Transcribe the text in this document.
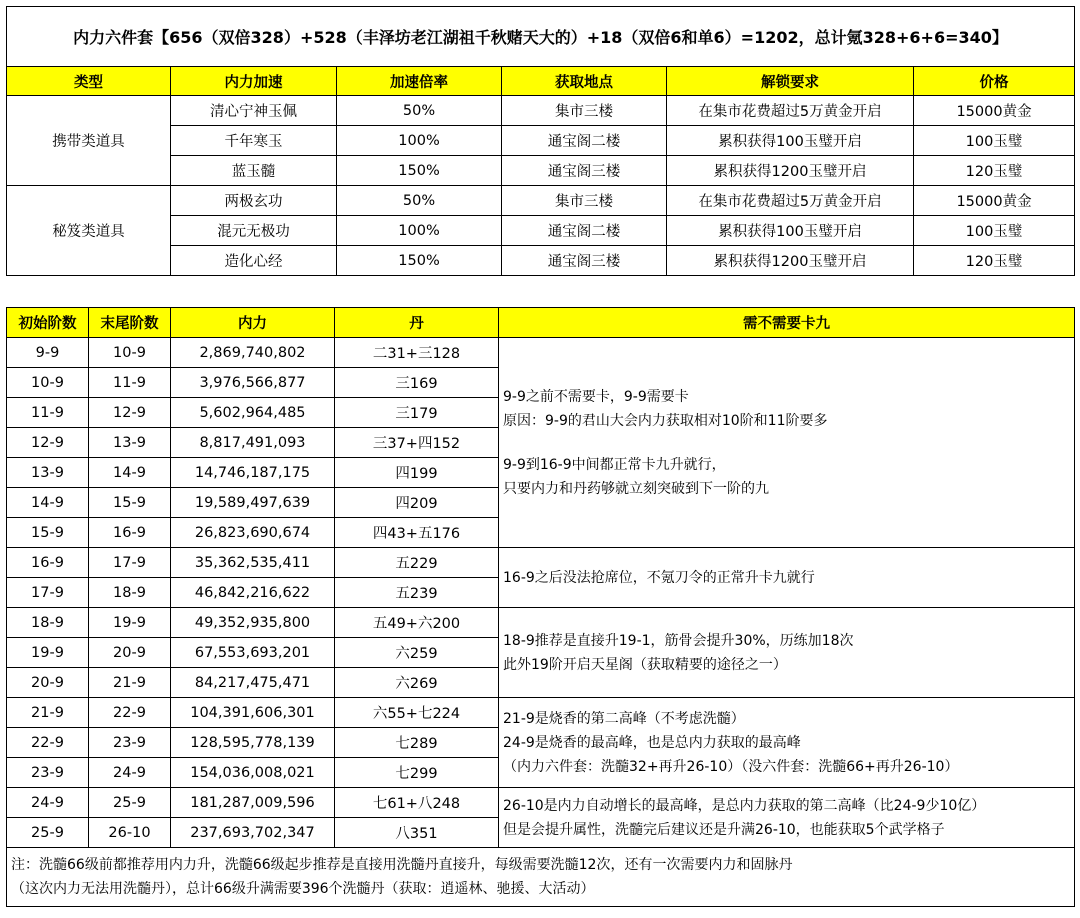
内力六件套【656（双倍328）+528（丰泽坊老江湖祖千秋赌天大的）+18（双倍6和单6）=1202，总计氪328+6+6=340】					
类型	内力加速	加速倍率	获取地点	解锁要求	价格
携带类道具	清心宁神玉佩	50%	集市三楼	在集市花费超过5万黄金开启	15000黄金
	千年寒玉	100%	通宝阁二楼	累积获得100玉璧开启	100玉璧
	蓝玉髓	150%	通宝阁三楼	累积获得1200玉璧开启	120玉璧
秘笈类道具	两极玄功	50%	集市三楼	在集市花费超过5万黄金开启	15000黄金
	混元无极功	100%	通宝阁二楼	累积获得100玉璧开启	100玉璧
	造化心经	150%	通宝阁三楼	累积获得1200玉璧开启	120玉璧
初始阶数	末尾阶数	内力	丹	需不需要卡九
9-9	10-9	2,869,740,802	二31+三128	9-9之前不需要卡，9-9需要卡
原因：9-9的君山大会内力获取相对10阶和11阶要多
9-9到16-9中间都正常卡九升就行，
只要内力和丹药够就立刻突破到下一阶的九

10-9	11-9	3,976,566,877	三169	
11-9	12-9	5,602,964,485	三179	
12-9	13-9	8,817,491,093	三37+四152	
13-9	14-9	14,746,187,175	四199	
14-9	15-9	19,589,497,639	四209	
15-9	16-9	26,823,690,674	四43+五176	
16-9	17-9	35,362,535,411	五229	16-9之后没法抢席位，不氪刀令的正常升卡九就行

17-9	18-9	46,842,216,622	五239	
18-9	19-9	49,352,935,800	五49+六200	18-9推荐是直接升19-1，筋骨会提升30%，历练加18次
此外19阶开启天星阁（获取精要的途径之一）

19-9	20-9	67,553,693,201	六259	
20-9	21-9	84,217,475,471	六269	
21-9	22-9	104,391,606,301	六55+七224	21-9是烧香的第二高峰（不考虑洗髓）
24-9是烧香的最高峰，也是总内力获取的最高峰
（内力六件套：洗髓32+再升26-10）（没六件套：洗髓66+再升26-10）

22-9	23-9	128,595,778,139	七289	
23-9	24-9	154,036,008,021	七299	
24-9	25-9	181,287,009,596	七61+八248	26-10是内力自动增长的最高峰，是总内力获取的第二高峰（比24-9少10亿）
但是会提升属性，洗髓完后建议还是升满26-10，也能获取5个武学格子

25-9	26-10	237,693,702,347	八351	

注：洗髓66级前都推荐用内力升，洗髓66级起步推荐是直接用洗髓丹直接升，每级需要洗髓12次，还有一次需要内力和固脉丹
（这次内力无法用洗髓丹），总计66级升满需要396个洗髓丹（获取：逍遥林、驰援、大活动）				
